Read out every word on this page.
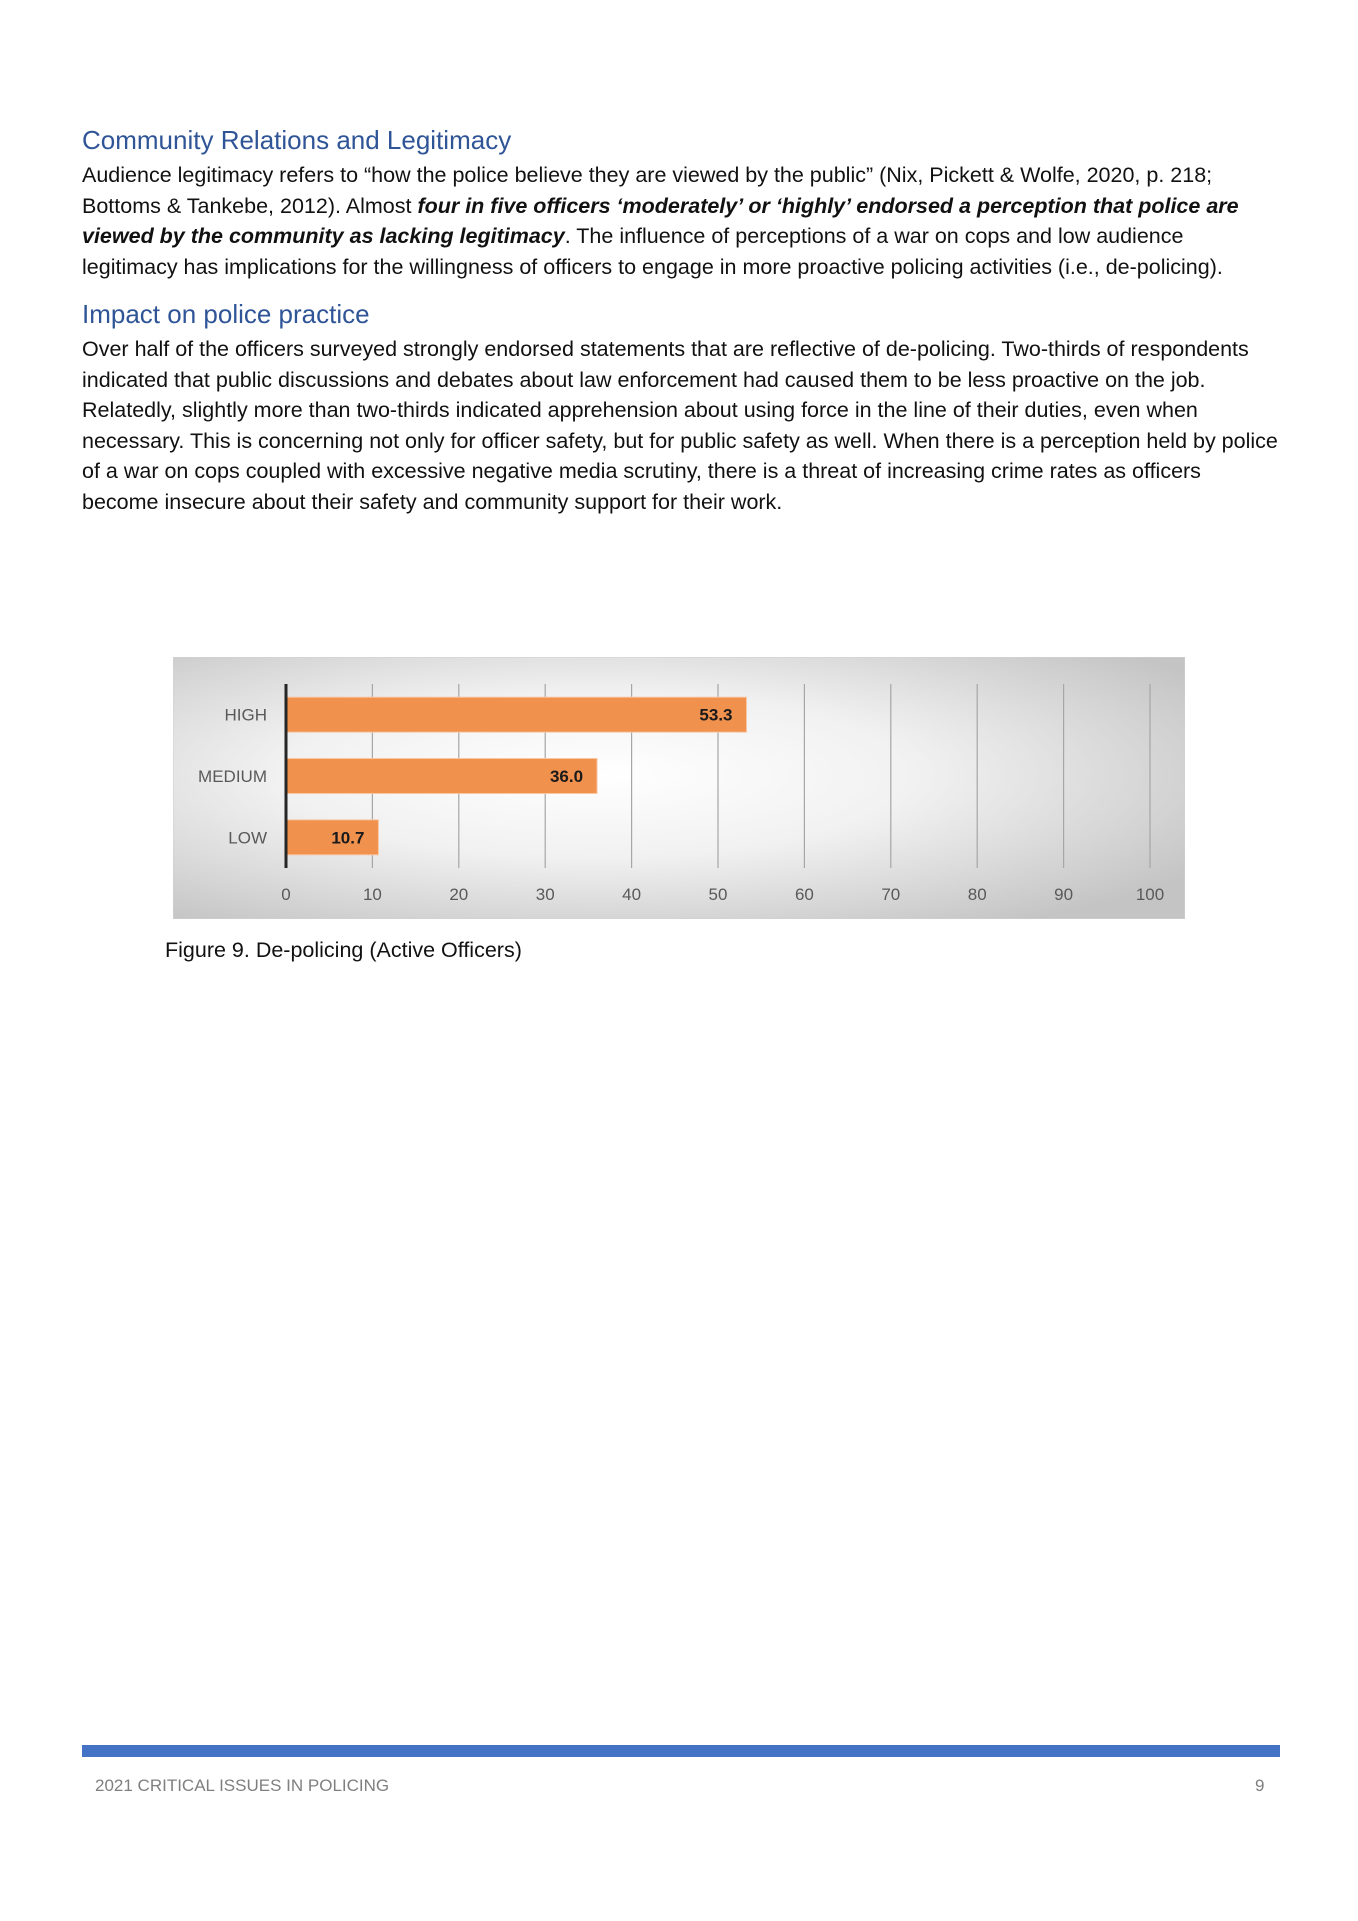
Community Relations and Legitimacy

Audience legitimacy refers to “how the police believe they are viewed by the public” (Nix, Pickett & Wolfe, 2020, p. 218; Bottoms & Tankebe, 2012). Almost four in five officers ‘moderately’ or ‘highly’ endorsed a perception that police are viewed by the community as lacking legitimacy. The influence of perceptions of a war on cops and low audience legitimacy has implications for the willingness of officers to engage in more proactive policing activities (i.e., de-policing).

Impact on police practice

Over half of the officers surveyed strongly endorsed statements that are reflective of de-policing. Two-thirds of respondents indicated that public discussions and debates about law enforcement had caused them to be less proactive on the job. Relatedly, slightly more than two-thirds indicated apprehension about using force in the line of their duties, even when necessary. This is concerning not only for officer safety, but for public safety as well. When there is a perception held by police of a war on cops coupled with excessive negative media scrutiny, there is a threat of increasing crime rates as officers become insecure about their safety and community support for their work.

0	10	20	30	40	50	60	70	80	90	100
HIGH	53.3
MEDIUM	36.0
LOW	10.7
Figure 9. De-policing (Active Officers)
2021 CRITICAL ISSUES IN POLICING	9
